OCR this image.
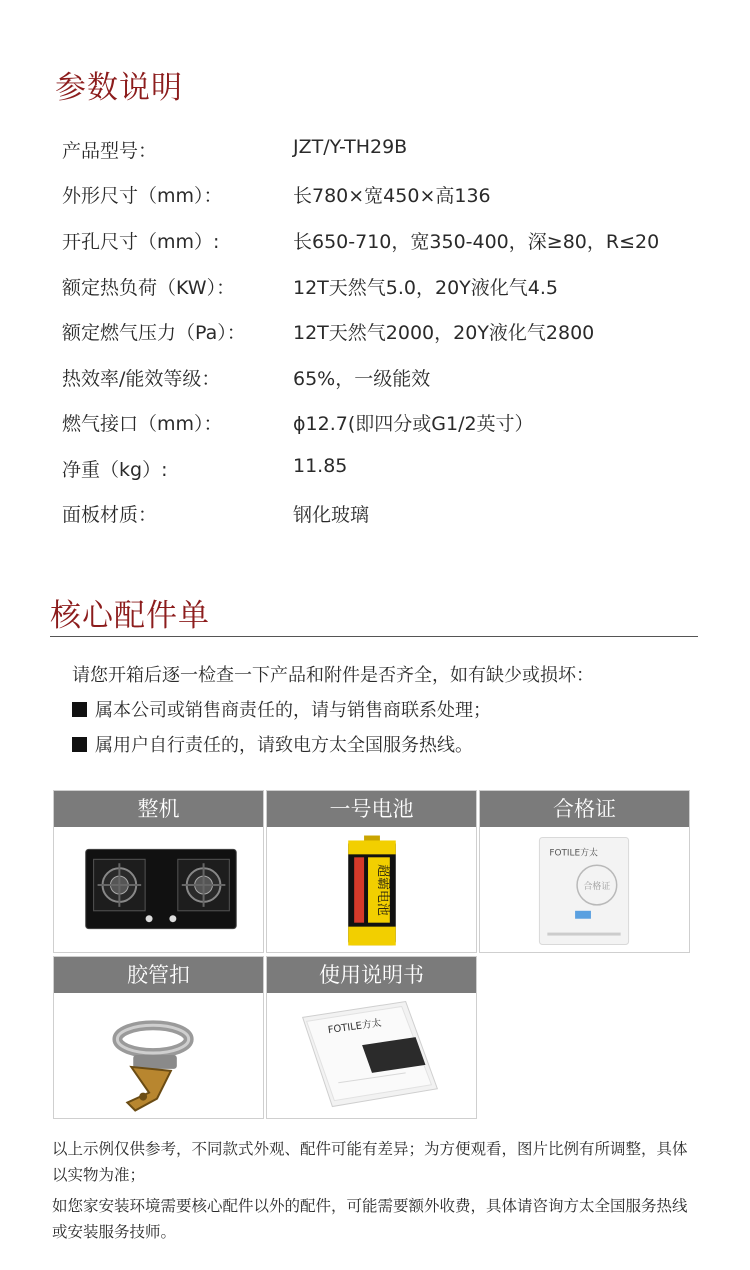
参数说明
产品型号：	JZT/Y-TH29B
外形尺寸（mm）：	长780×宽450×高136
开孔尺寸（mm）:	长650-710，宽350-400，深≥80，R≤20
额定热负荷（KW）：	12T天然气5.0，20Y液化气4.5
额定燃气压力（Pa）： 12T天然气2000，20Y液化气2800
热效率/能效等级：	65%，一级能效
燃气接口（mm）：	ϕ12.7(即四分或G1/2英寸）
净重（kg）:	11.85
面板材质：	钢化玻璃
核心配件单
请您开箱后逐一检查一下产品和附件是否齐全，如有缺少或损坏：
属本公司或销售商责任的，请与销售商联系处理；
属用户自行责任的，请致电方太全国服务热线。
整机	一号电池
超霸电池
合格证
FOTILE方太
合格证
胶管扣	使用说明书
FOTILE方太
以上示例仅供参考，不同款式外观、配件可能有差异；为方便观看，图片比例有所调整，具体以实物为准；
如您家安装环境需要核心配件以外的配件，可能需要额外收费，具体请咨询方太全国服务热线或安装服务技师。
